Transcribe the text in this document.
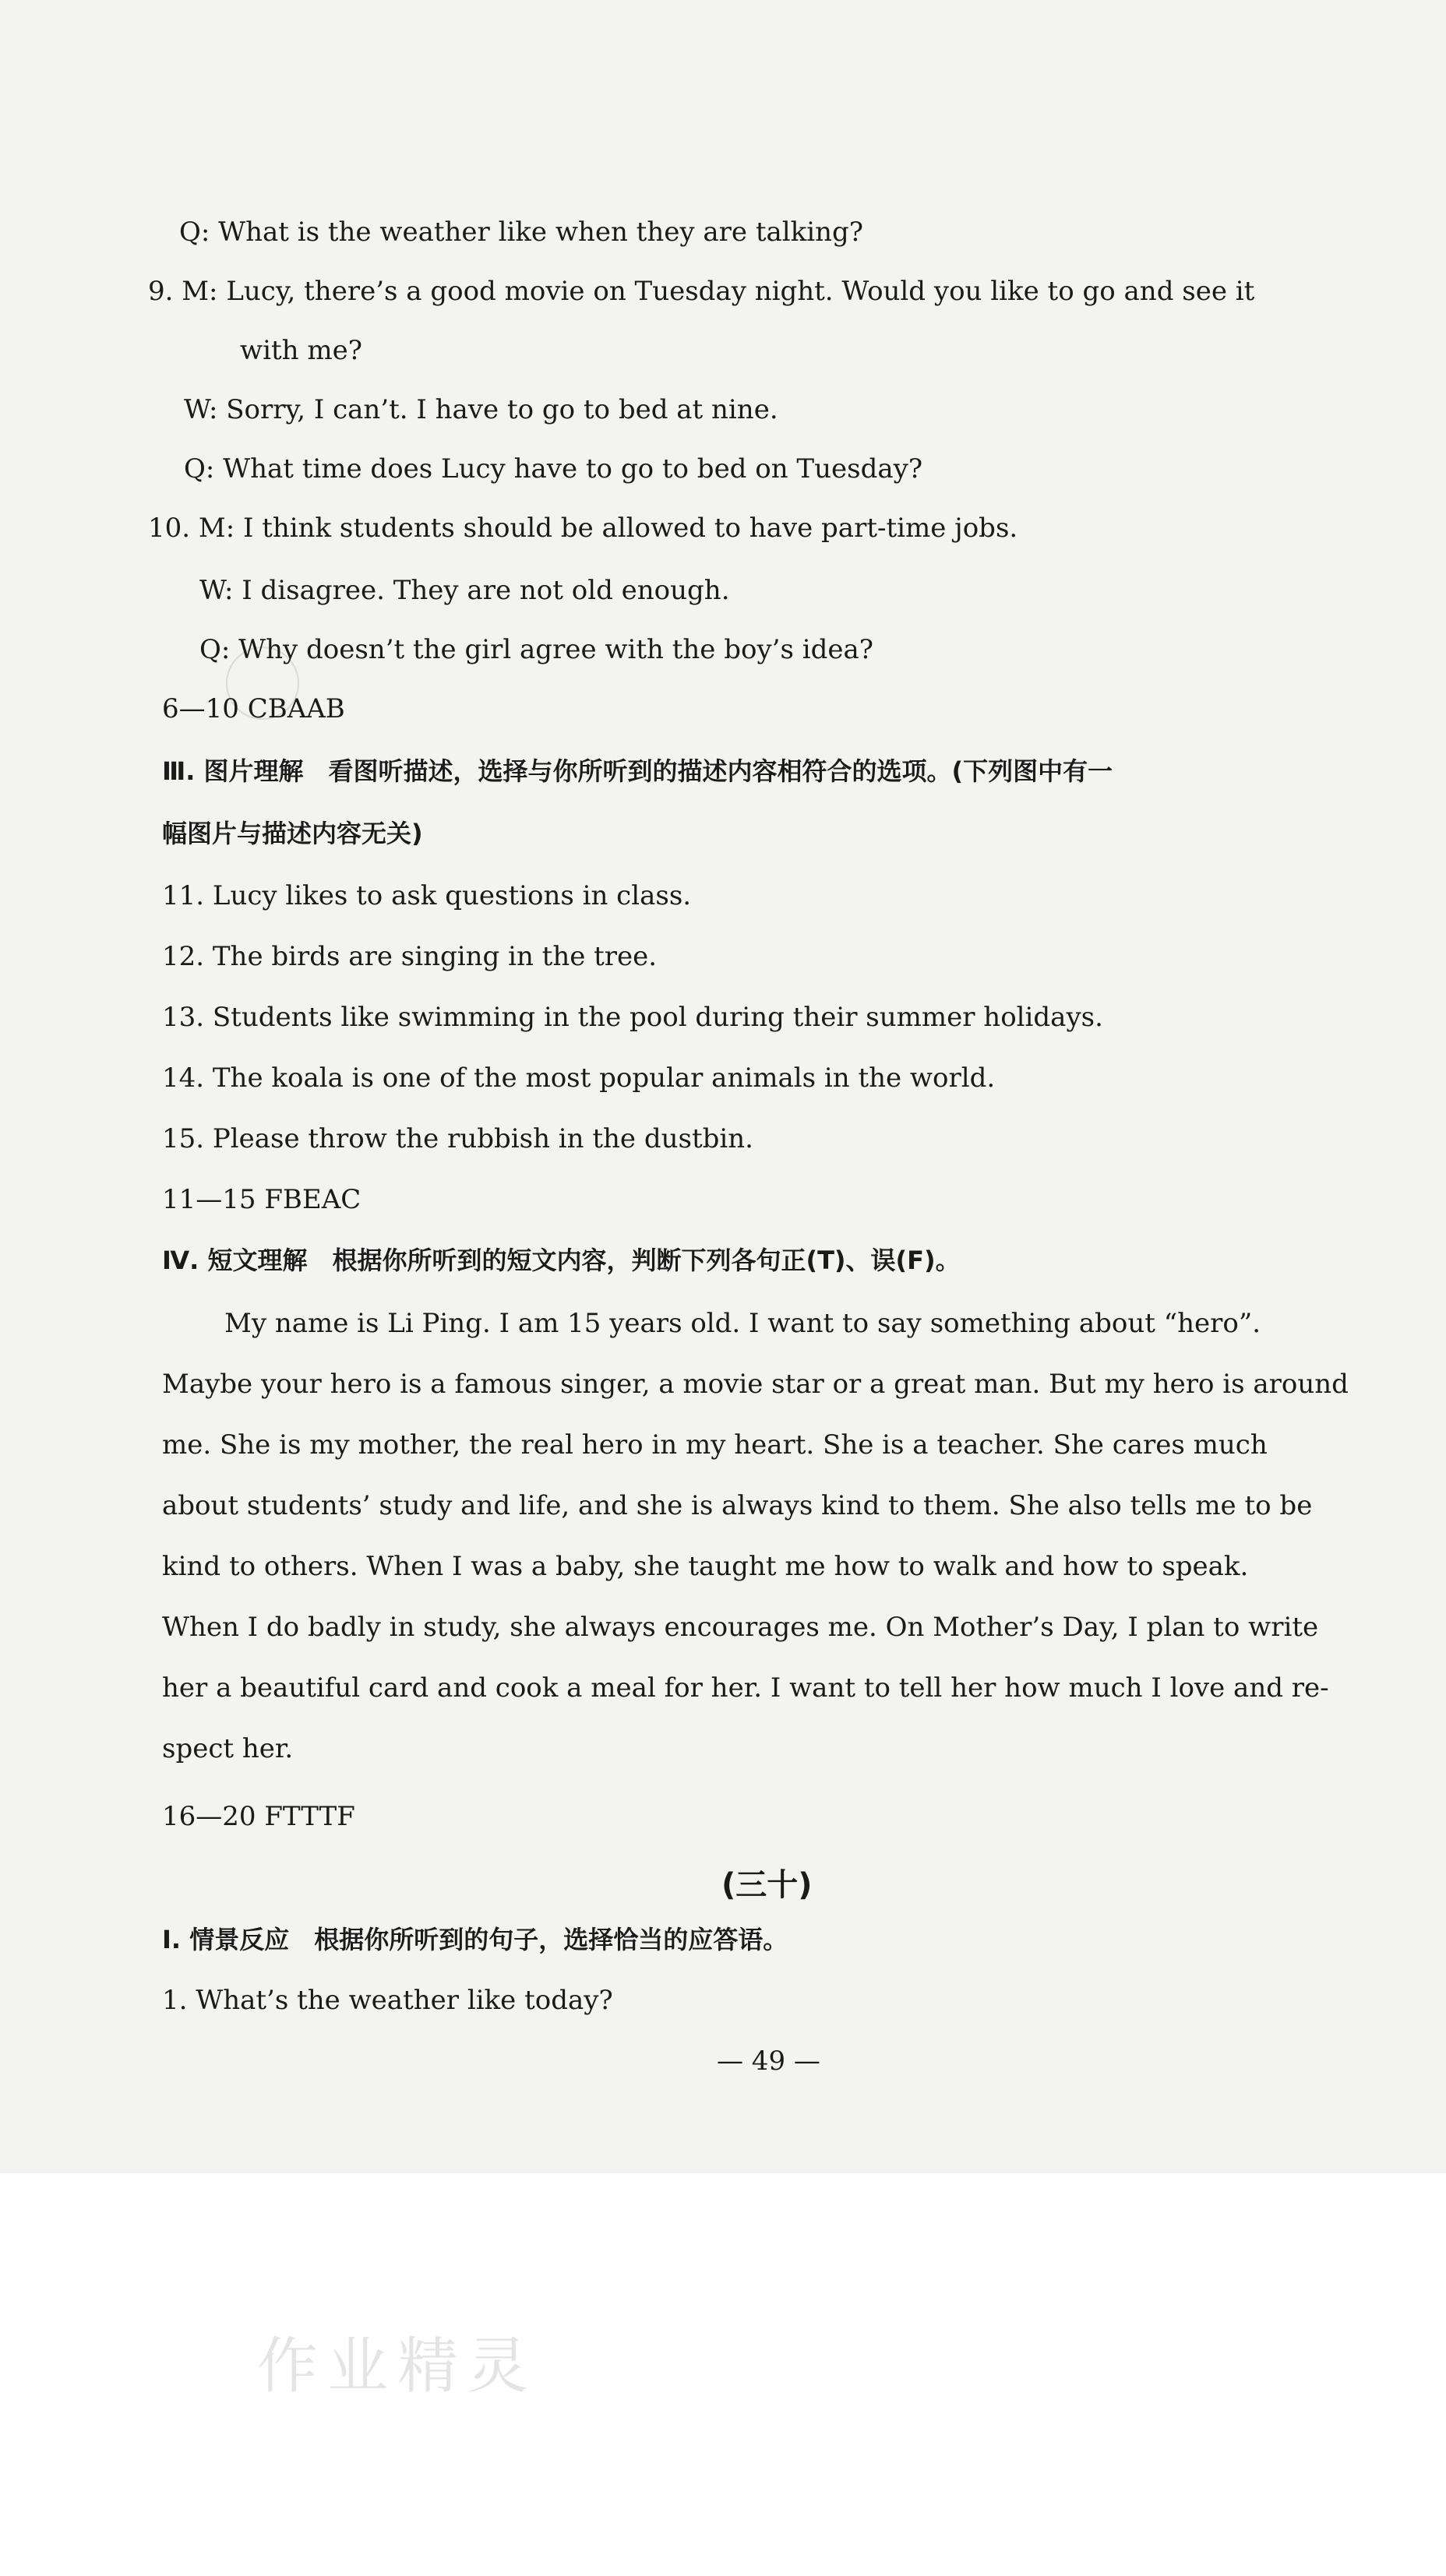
Q: What is the weather like when they are talking?
9. M: Lucy, there’s a good movie on Tuesday night. Would you like to go and see it
with me?
W: Sorry, I can’t. I have to go to bed at nine.
Q: What time does Lucy have to go to bed on Tuesday?
10. M: I think students should be allowed to have part-time jobs.
W: I disagree. They are not old enough.
Q: Why doesn’t the girl agree with the boy’s idea?
6—10 CBAAB
Ⅲ. 图片理解　看图听描述，选择与你所听到的描述内容相符合的选项。(下列图中有一
幅图片与描述内容无关)
11. Lucy likes to ask questions in class.
12. The birds are singing in the tree.
13. Students like swimming in the pool during their summer holidays.
14. The koala is one of the most popular animals in the world.
15. Please throw the rubbish in the dustbin.
11—15 FBEAC
Ⅳ. 短文理解　根据你所听到的短文内容，判断下列各句正(T)、误(F)。
My name is Li Ping. I am 15 years old. I want to say something about “hero”.
Maybe your hero is a famous singer, a movie star or a great man. But my hero is around
me. She is my mother, the real hero in my heart. She is a teacher. She cares much
about students’ study and life, and she is always kind to them. She also tells me to be
kind to others. When I was a baby, she taught me how to walk and how to speak.
When I do badly in study, she always encourages me. On Mother’s Day, I plan to write
her a beautiful card and cook a meal for her. I want to tell her how much I love and re-
spect her.
16—20 FTTTF
(三十)
Ⅰ. 情景反应　根据你所听到的句子，选择恰当的应答语。
1. What’s the weather like today?
— 49 —
作业精灵
